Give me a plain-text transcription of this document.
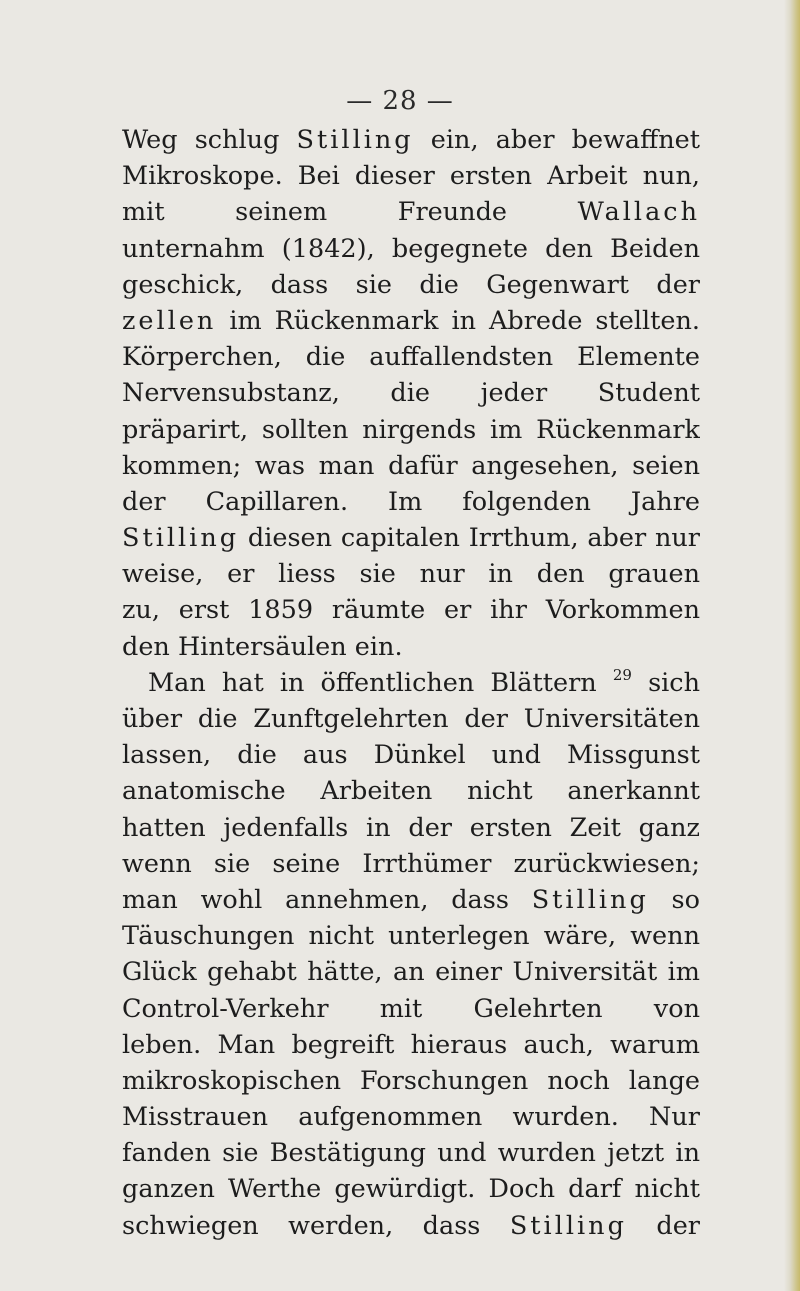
— 28 —
Weg schlug Stilling ein, aber bewaffnet
Mikroskope. Bei dieser ersten Arbeit nun,
mit seinem Freunde Wallach
unternahm (1842), begegnete den Beiden
geschick, dass sie die Gegenwart der
zellen im Rückenmark in Abrede stellten.
Körperchen, die auffallendsten Elemente
Nervensubstanz, die jeder Student
präparirt, sollten nirgends im Rückenmark
kommen; was man dafür angesehen, seien
der Capillaren. Im folgenden Jahre
Stilling diesen capitalen Irrthum, aber nur
weise, er liess sie nur in den grauen
zu, erst 1859 räumte er ihr Vorkommen
den Hintersäulen ein.
Man hat in öffentlichen Blättern $^{29}$ sich
über die Zunftgelehrten der Universitäten
lassen, die aus Dünkel und Missgunst
anatomische Arbeiten nicht anerkannt
hatten jedenfalls in der ersten Zeit ganz
wenn sie seine Irrthümer zurückwiesen;
man wohl annehmen, dass Stilling so
Täuschungen nicht unterlegen wäre, wenn
Glück gehabt hätte, an einer Universität im
Control-Verkehr mit Gelehrten von
leben. Man begreift hieraus auch, warum
mikroskopischen Forschungen noch lange
Misstrauen aufgenommen wurden. Nur
fanden sie Bestätigung und wurden jetzt in
ganzen Werthe gewürdigt. Doch darf nicht
schwiegen werden, dass Stilling der
